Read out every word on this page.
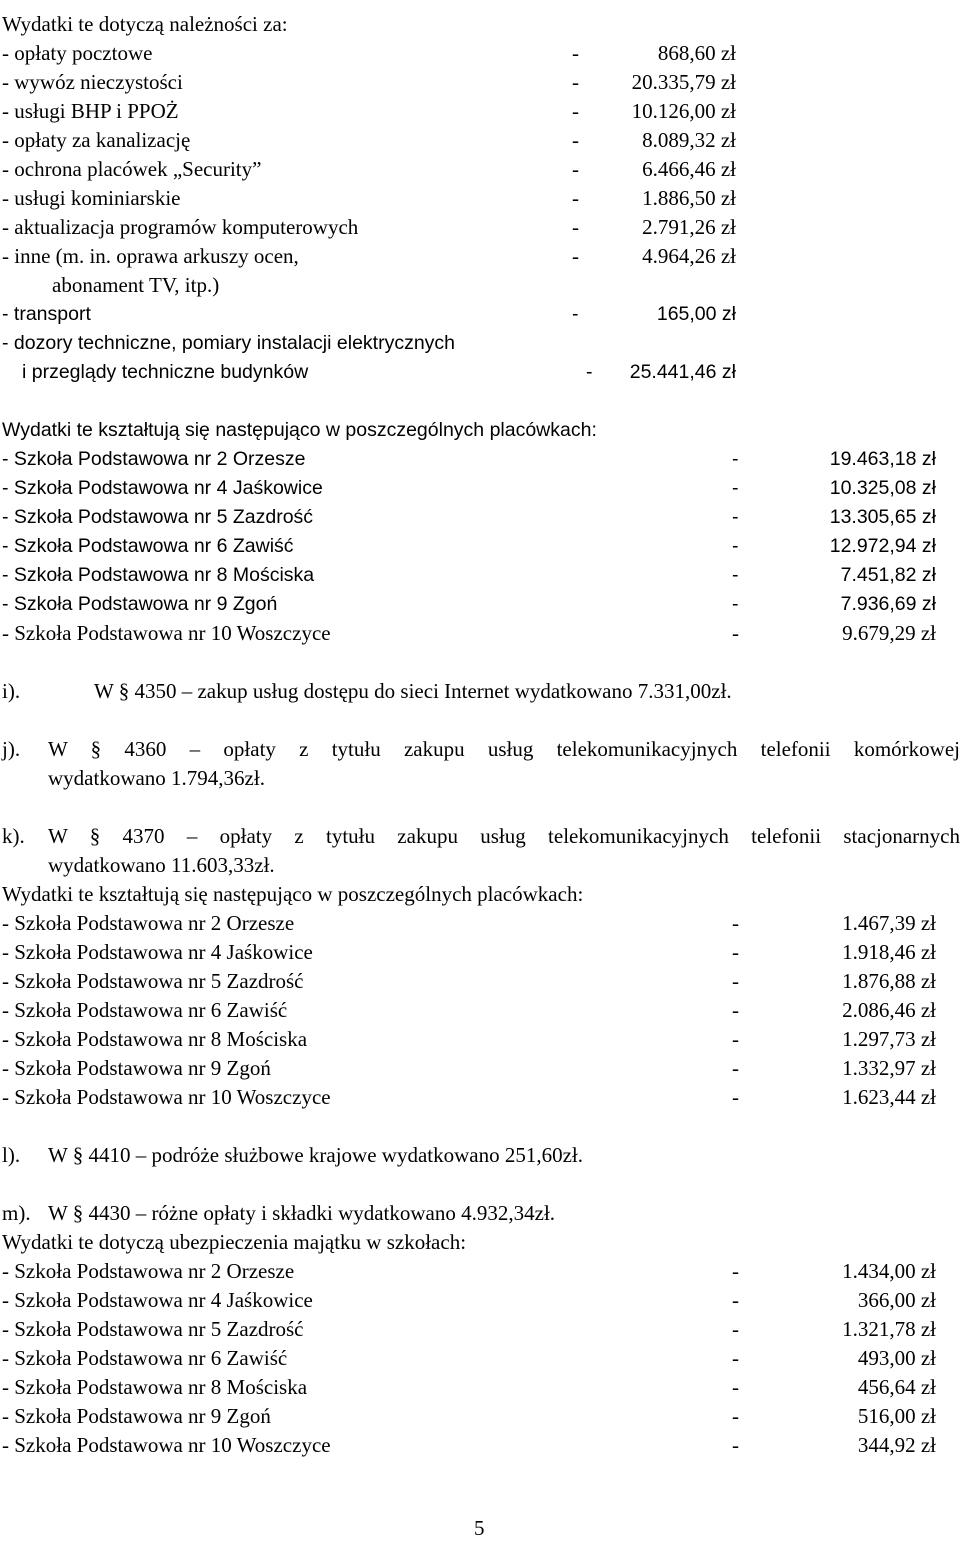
Wydatki te dotyczą należności za:
- opłaty pocztowe	-	868,60 zł
- wywóz nieczystości	-	20.335,79 zł
- usługi BHP i PPOŻ	-	10.126,00 zł
- opłaty za kanalizację	-	8.089,32 zł
- ochrona placówek „Security”	-	6.466,46 zł
- usługi kominiarskie	-	1.886,50 zł
- aktualizacja programów komputerowych	-	2.791,26 zł
- inne (m. in. oprawa arkuszy ocen,	-	4.964,26 zł
abonament TV, itp.)
- transport	-	165,00 zł
- dozory techniczne, pomiary instalacji elektrycznych
i przeglądy techniczne budynków	- 25.441,46 zł
Wydatki te kształtują się następująco w poszczególnych placówkach:
- Szkoła Podstawowa nr 2 Orzesze	-	19.463,18 zł
- Szkoła Podstawowa nr 4 Jaśkowice	-	10.325,08 zł
- Szkoła Podstawowa nr 5 Zazdrość	-	13.305,65 zł
- Szkoła Podstawowa nr 6 Zawiść	-	12.972,94 zł
- Szkoła Podstawowa nr 8 Mościska	-	7.451,82 zł
- Szkoła Podstawowa nr 9 Zgoń	-	7.936,69 zł
- Szkoła Podstawowa nr 10 Woszczyce	-	9.679,29 zł
i).	W § 4350 – zakup usług dostępu do sieci Internet wydatkowano 7.331,00zł.
j). W § 4360 – opłaty z tytułu zakupu usług telekomunikacyjnych telefonii komórkowej
wydatkowano 1.794,36zł.
k). W § 4370 – opłaty z tytułu zakupu usług telekomunikacyjnych telefonii stacjonarnych
wydatkowano 11.603,33zł.
Wydatki te kształtują się następująco w poszczególnych placówkach:
- Szkoła Podstawowa nr 2 Orzesze	-	1.467,39 zł
- Szkoła Podstawowa nr 4 Jaśkowice	-	1.918,46 zł
- Szkoła Podstawowa nr 5 Zazdrość	-	1.876,88 zł
- Szkoła Podstawowa nr 6 Zawiść	-	2.086,46 zł
- Szkoła Podstawowa nr 8 Mościska	-	1.297,73 zł
- Szkoła Podstawowa nr 9 Zgoń	-	1.332,97 zł
- Szkoła Podstawowa nr 10 Woszczyce	-	1.623,44 zł
l). W § 4410 – podróże służbowe krajowe wydatkowano 251,60zł.
m). W § 4430 – różne opłaty i składki wydatkowano 4.932,34zł.
Wydatki te dotyczą ubezpieczenia majątku w szkołach:
- Szkoła Podstawowa nr 2 Orzesze	-	1.434,00 zł
- Szkoła Podstawowa nr 4 Jaśkowice	-	366,00 zł
- Szkoła Podstawowa nr 5 Zazdrość	-	1.321,78 zł
- Szkoła Podstawowa nr 6 Zawiść	-	493,00 zł
- Szkoła Podstawowa nr 8 Mościska	-	456,64 zł
- Szkoła Podstawowa nr 9 Zgoń	-	516,00 zł
- Szkoła Podstawowa nr 10 Woszczyce	-	344,92 zł
5
